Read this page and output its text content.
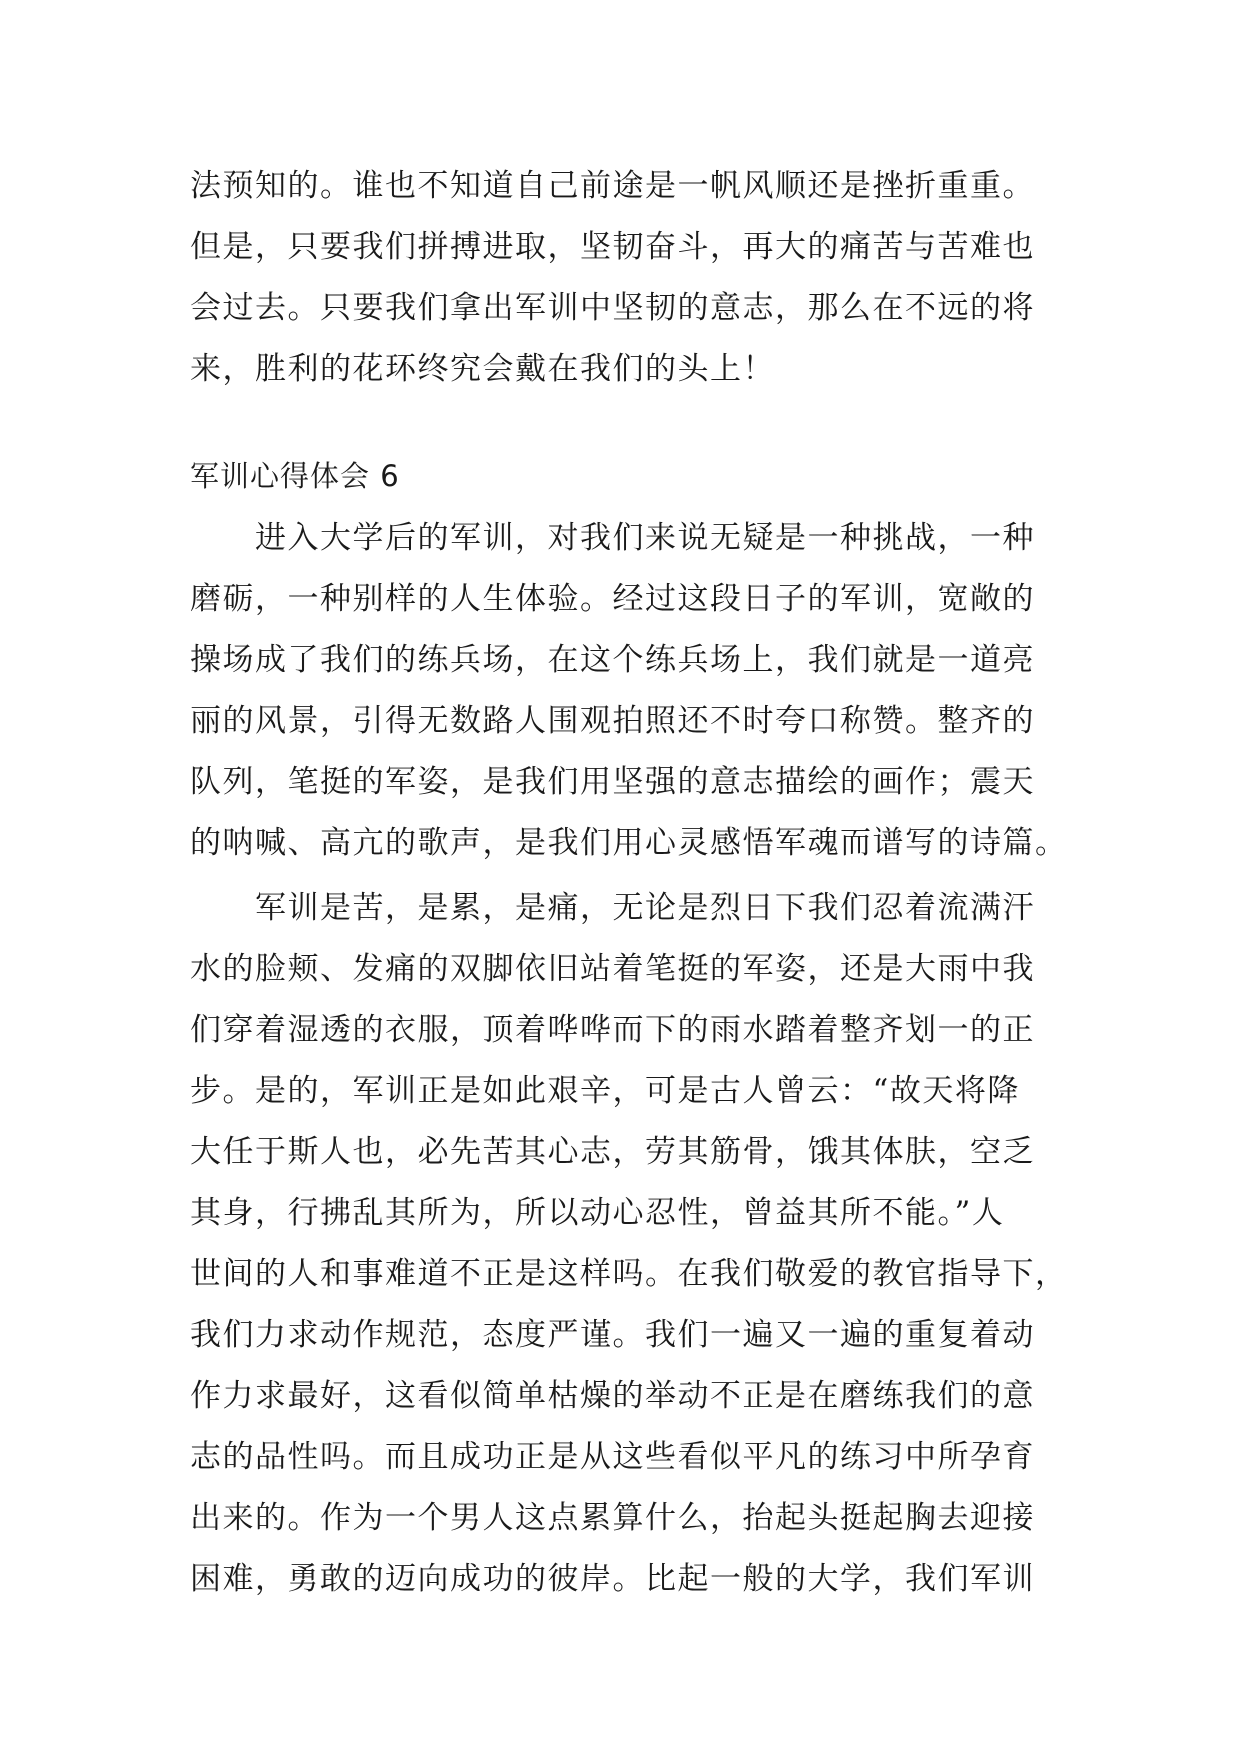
法预知的。谁也不知道自己前途是一帆风顺还是挫折重重。
但是，只要我们拼搏进取，坚韧奋斗，再大的痛苦与苦难也
会过去。只要我们拿出军训中坚韧的意志，那么在不远的将
来，胜利的花环终究会戴在我们的头上！
军训心得体会 6
　　进入大学后的军训，对我们来说无疑是一种挑战，一种
磨砺，一种别样的人生体验。经过这段日子的军训，宽敞的
操场成了我们的练兵场，在这个练兵场上，我们就是一道亮
丽的风景，引得无数路人围观拍照还不时夸口称赞。整齐的
队列，笔挺的军姿，是我们用坚强的意志描绘的画作；震天
的呐喊、高亢的歌声，是我们用心灵感悟军魂而谱写的诗篇。
　　军训是苦，是累，是痛，无论是烈日下我们忍着流满汗
水的脸颊、发痛的双脚依旧站着笔挺的军姿，还是大雨中我
们穿着湿透的衣服，顶着哗哗而下的雨水踏着整齐划一的正
步。是的，军训正是如此艰辛，可是古人曾云：“故天将降
大任于斯人也，必先苦其心志，劳其筋骨，饿其体肤，空乏
其身，行拂乱其所为，所以动心忍性，曾益其所不能。”人
世间的人和事难道不正是这样吗。在我们敬爱的教官指导下，
我们力求动作规范，态度严谨。我们一遍又一遍的重复着动
作力求最好，这看似简单枯燥的举动不正是在磨练我们的意
志的品性吗。而且成功正是从这些看似平凡的练习中所孕育
出来的。作为一个男人这点累算什么，抬起头挺起胸去迎接
困难，勇敢的迈向成功的彼岸。比起一般的大学，我们军训
